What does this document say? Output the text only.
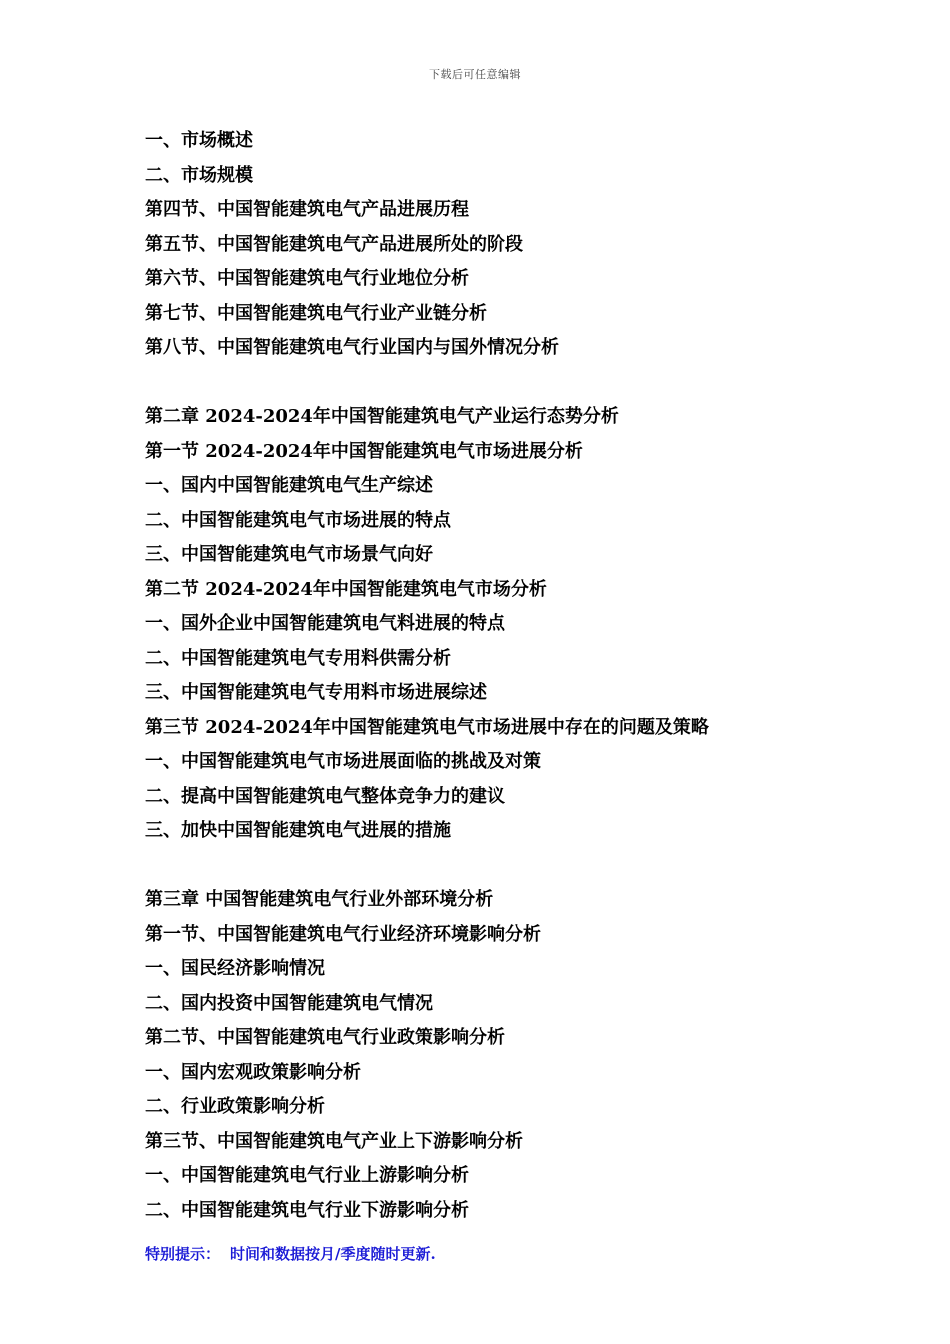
下载后可任意编辑
一、市场概述
二、市场规模
第四节、中国智能建筑电气产品进展历程
第五节、中国智能建筑电气产品进展所处的阶段
第六节、中国智能建筑电气行业地位分析
第七节、中国智能建筑电气行业产业链分析
第八节、中国智能建筑电气行业国内与国外情况分析
第二章 2024-2024年中国智能建筑电气产业运行态势分析
第一节 2024-2024年中国智能建筑电气市场进展分析
一、国内中国智能建筑电气生产综述
二、中国智能建筑电气市场进展的特点
三、中国智能建筑电气市场景气向好
第二节 2024-2024年中国智能建筑电气市场分析
一、国外企业中国智能建筑电气料进展的特点
二、中国智能建筑电气专用料供需分析
三、中国智能建筑电气专用料市场进展综述
第三节 2024-2024年中国智能建筑电气市场进展中存在的问题及策略
一、中国智能建筑电气市场进展面临的挑战及对策
二、提高中国智能建筑电气整体竞争力的建议
三、加快中国智能建筑电气进展的措施
第三章 中国智能建筑电气行业外部环境分析
第一节、中国智能建筑电气行业经济环境影响分析
一、国民经济影响情况
二、国内投资中国智能建筑电气情况
第二节、中国智能建筑电气行业政策影响分析
一、国内宏观政策影响分析
二、行业政策影响分析
第三节、中国智能建筑电气产业上下游影响分析
一、中国智能建筑电气行业上游影响分析
二、中国智能建筑电气行业下游影响分析
特别提示： 时间和数据按月/季度随时更新.
